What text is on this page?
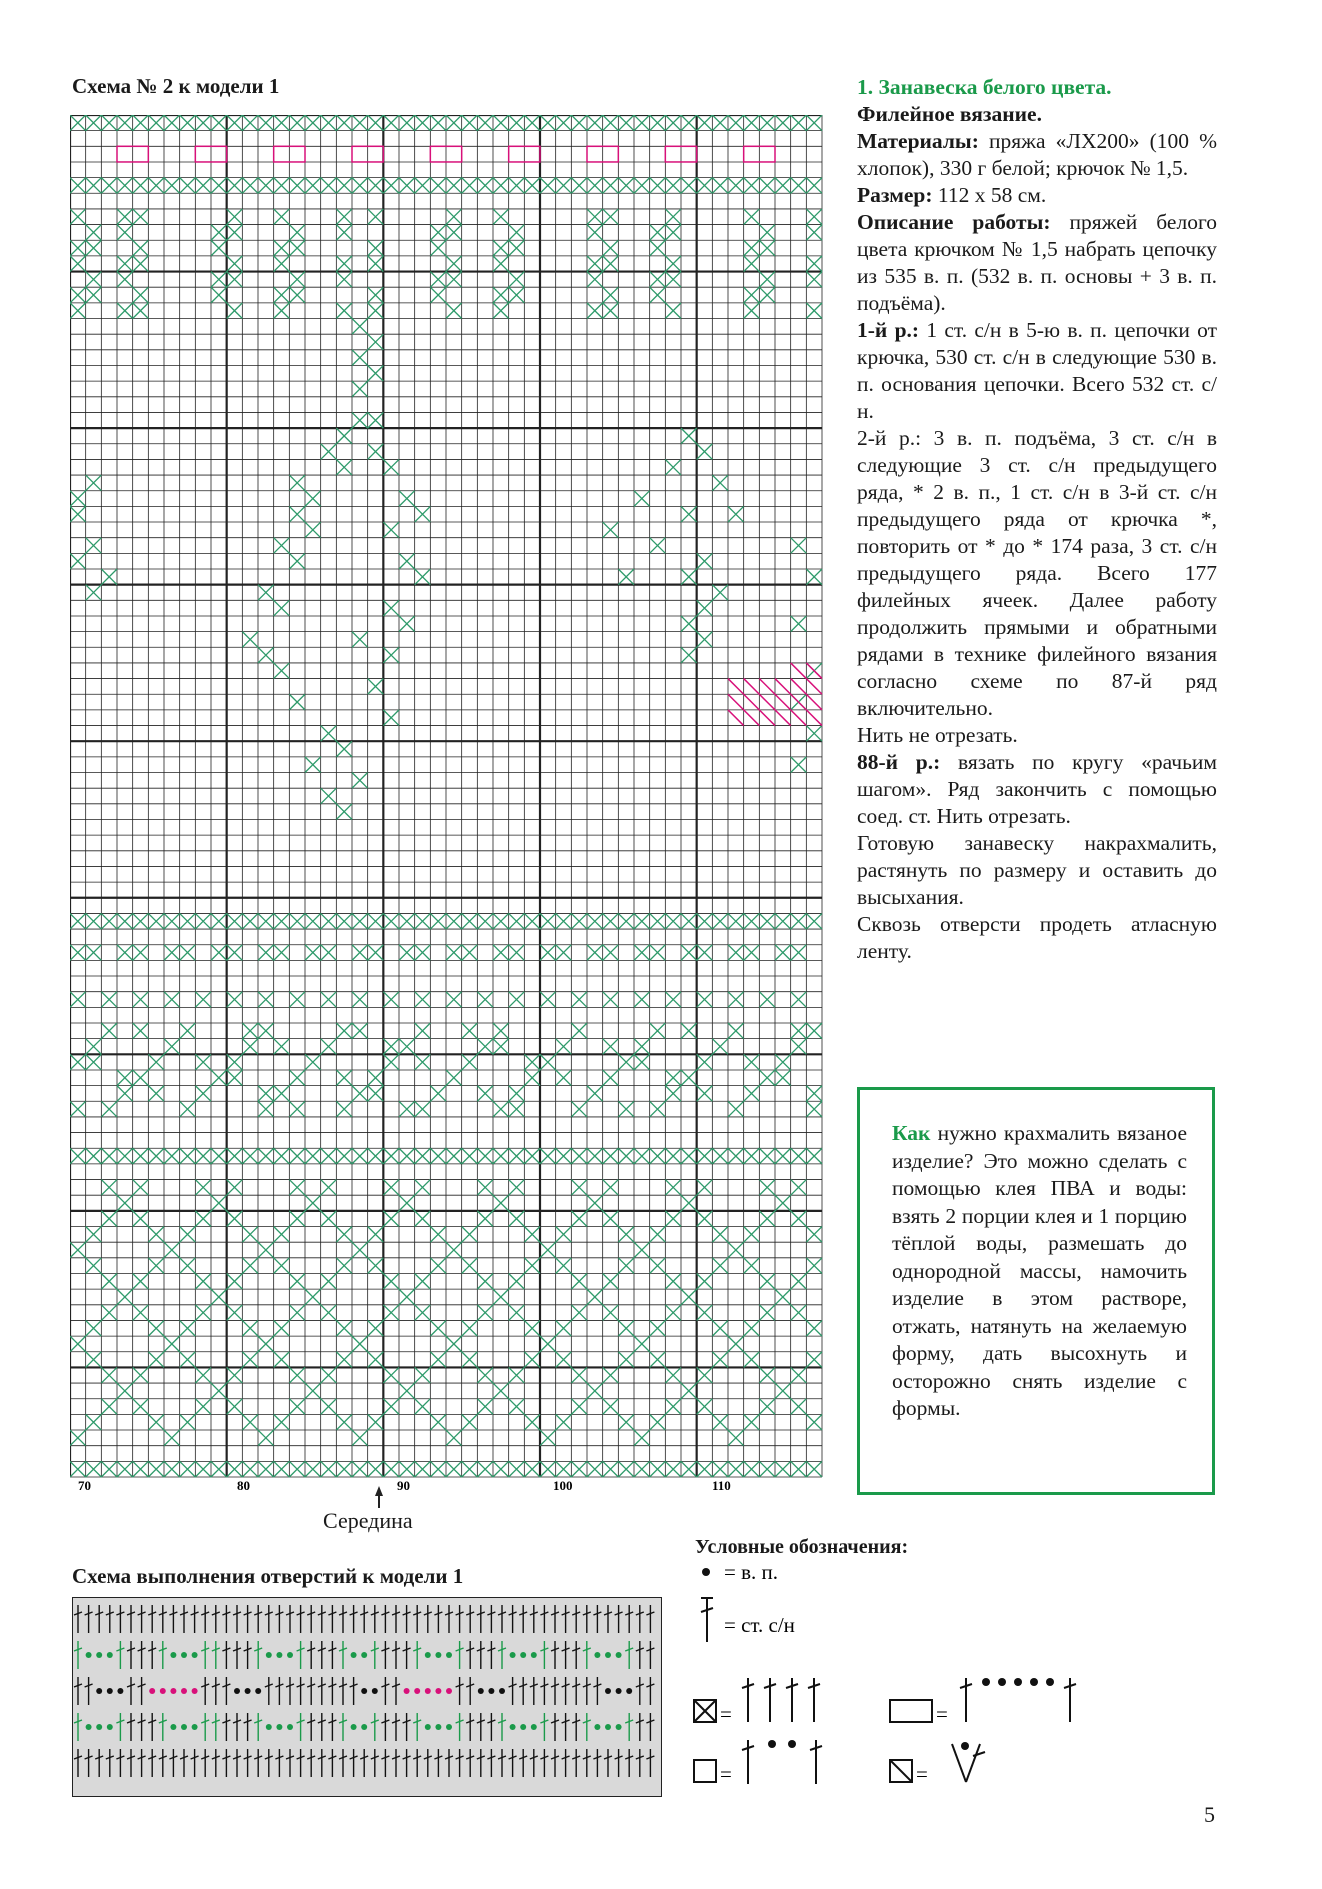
Схема № 2 к модели 1
70	80	90	100	110
Середина

1. Занавеска белого цвета.

Филейное вязание.

Материалы: пряжа «ЛХ200» (100 % хлопок), 330 г белой; крючок № 1,5.

Размер: 112 х 58 см.

Описание работы: пряжей белого цвета крючком № 1,5 набрать цепочку из 535 в. п. (532 в. п. основы + 3 в. п. подъёма).

1-й р.: 1 ст. с/н в 5-ю в. п. цепочки от крючка, 530 ст. с/н в следующие 530 в. п. основания цепочки. Всего 532 ст. с/н.

2-й р.: 3 в. п. подъёма, 3 ст. с/н в следующие 3 ст. с/н предыдущего ряда, * 2 в. п., 1 ст. с/н в 3-й ст. с/н предыдущего ряда от крючка *, повторить от * до * 174 раза, 3 ст. с/н предыдущего ряда. Всего 177 филейных ячеек. Далее работу продолжить прямыми и обратными рядами в технике филейного вязания согласно схеме по 87-й ряд включительно.

Нить не отрезать.

88-й р.: вязать по кругу «рачьим шагом». Ряд закончить с помощью соед. ст. Нить отрезать.

Готовую занавеску накрахмалить, растянуть по размеру и оставить до высыхания.

Сквозь отверсти продеть атласную ленту.

Как нужно крахмалить вязаное изделие? Это можно сделать с помощью клея ПВА и воды: взять 2 порции клея и 1 порцию тёплой воды, размешать до однородной массы, намочить изделие в этом растворе, отжать, натянуть на желаемую форму, дать высохнуть и осторожно снять изделие с формы.
Схема выполнения отверстий к модели 1
Условные обозначения:
= в. п.
= ст. с/н
=
=
=
=
5
